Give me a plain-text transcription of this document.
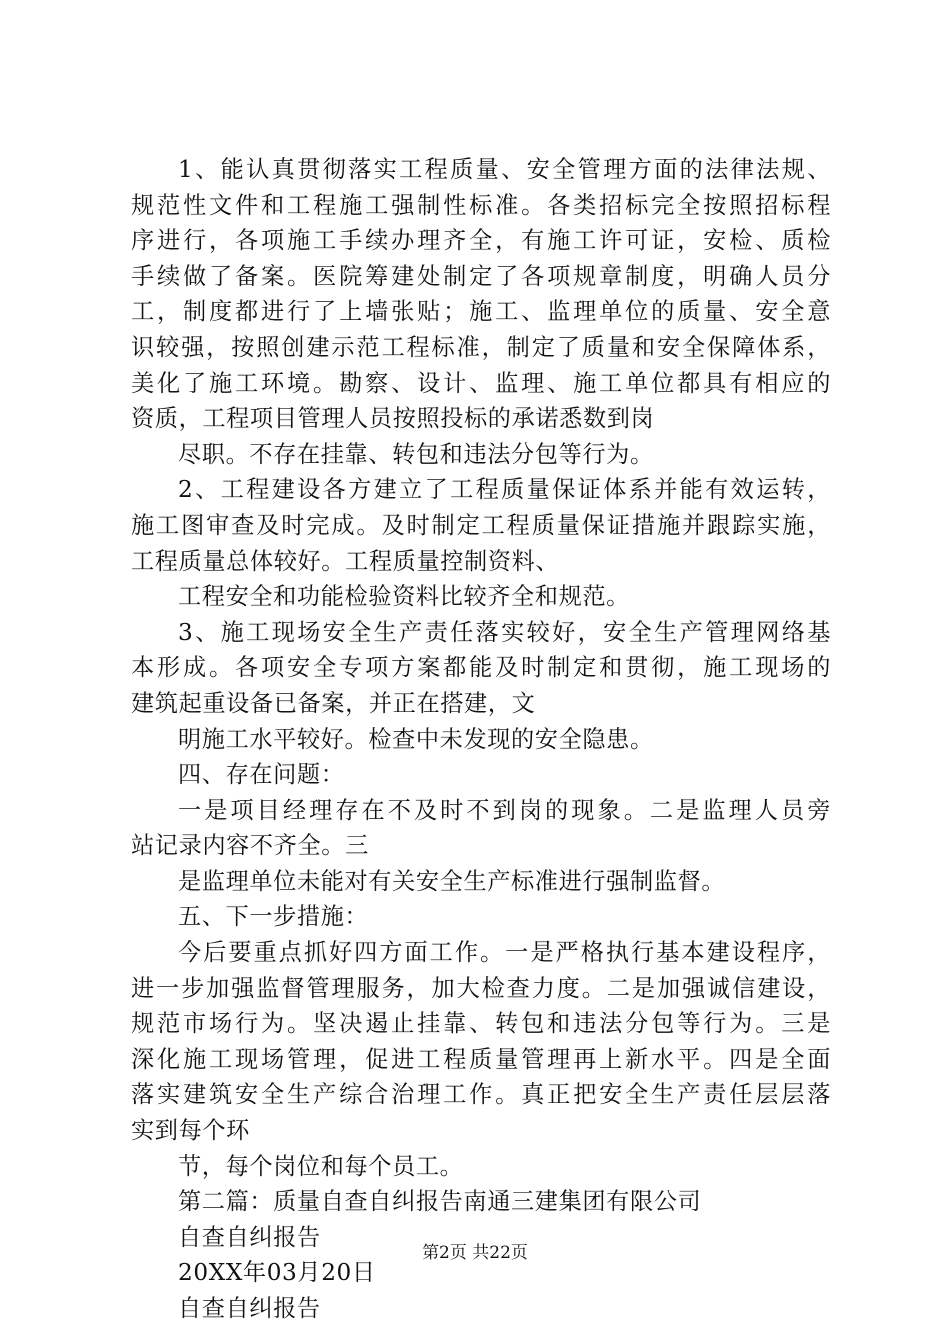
1、能认真贯彻落实工程质量、安全管理方面的法律法规、
规范性文件和工程施工强制性标准。各类招标完全按照招标程
序进行，各项施工手续办理齐全，有施工许可证，安检、质检
手续做了备案。医院筹建处制定了各项规章制度，明确人员分
工，制度都进行了上墙张贴；施工、监理单位的质量、安全意
识较强，按照创建示范工程标准，制定了质量和安全保障体系，
美化了施工环境。勘察、设计、监理、施工单位都具有相应的
资质，工程项目管理人员按照投标的承诺悉数到岗
尽职。不存在挂靠、转包和违法分包等行为。
2、工程建设各方建立了工程质量保证体系并能有效运转，
施工图审查及时完成。及时制定工程质量保证措施并跟踪实施，
工程质量总体较好。工程质量控制资料、
工程安全和功能检验资料比较齐全和规范。
3、施工现场安全生产责任落实较好，安全生产管理网络基
本形成。各项安全专项方案都能及时制定和贯彻，施工现场的
建筑起重设备已备案，并正在搭建，文
明施工水平较好。检查中未发现的安全隐患。
四、存在问题：
一是项目经理存在不及时不到岗的现象。二是监理人员旁
站记录内容不齐全。三
是监理单位未能对有关安全生产标准进行强制监督。
五、下一步措施：
今后要重点抓好四方面工作。一是严格执行基本建设程序，
进一步加强监督管理服务，加大检查力度。二是加强诚信建设，
规范市场行为。坚决遏止挂靠、转包和违法分包等行为。三是
深化施工现场管理，促进工程质量管理再上新水平。四是全面
落实建筑安全生产综合治理工作。真正把安全生产责任层层落
实到每个环
节，每个岗位和每个员工。
第二篇：质量自查自纠报告南通三建集团有限公司
自查自纠报告
20XX年03月20日
自查自纠报告
第2页 共22页
